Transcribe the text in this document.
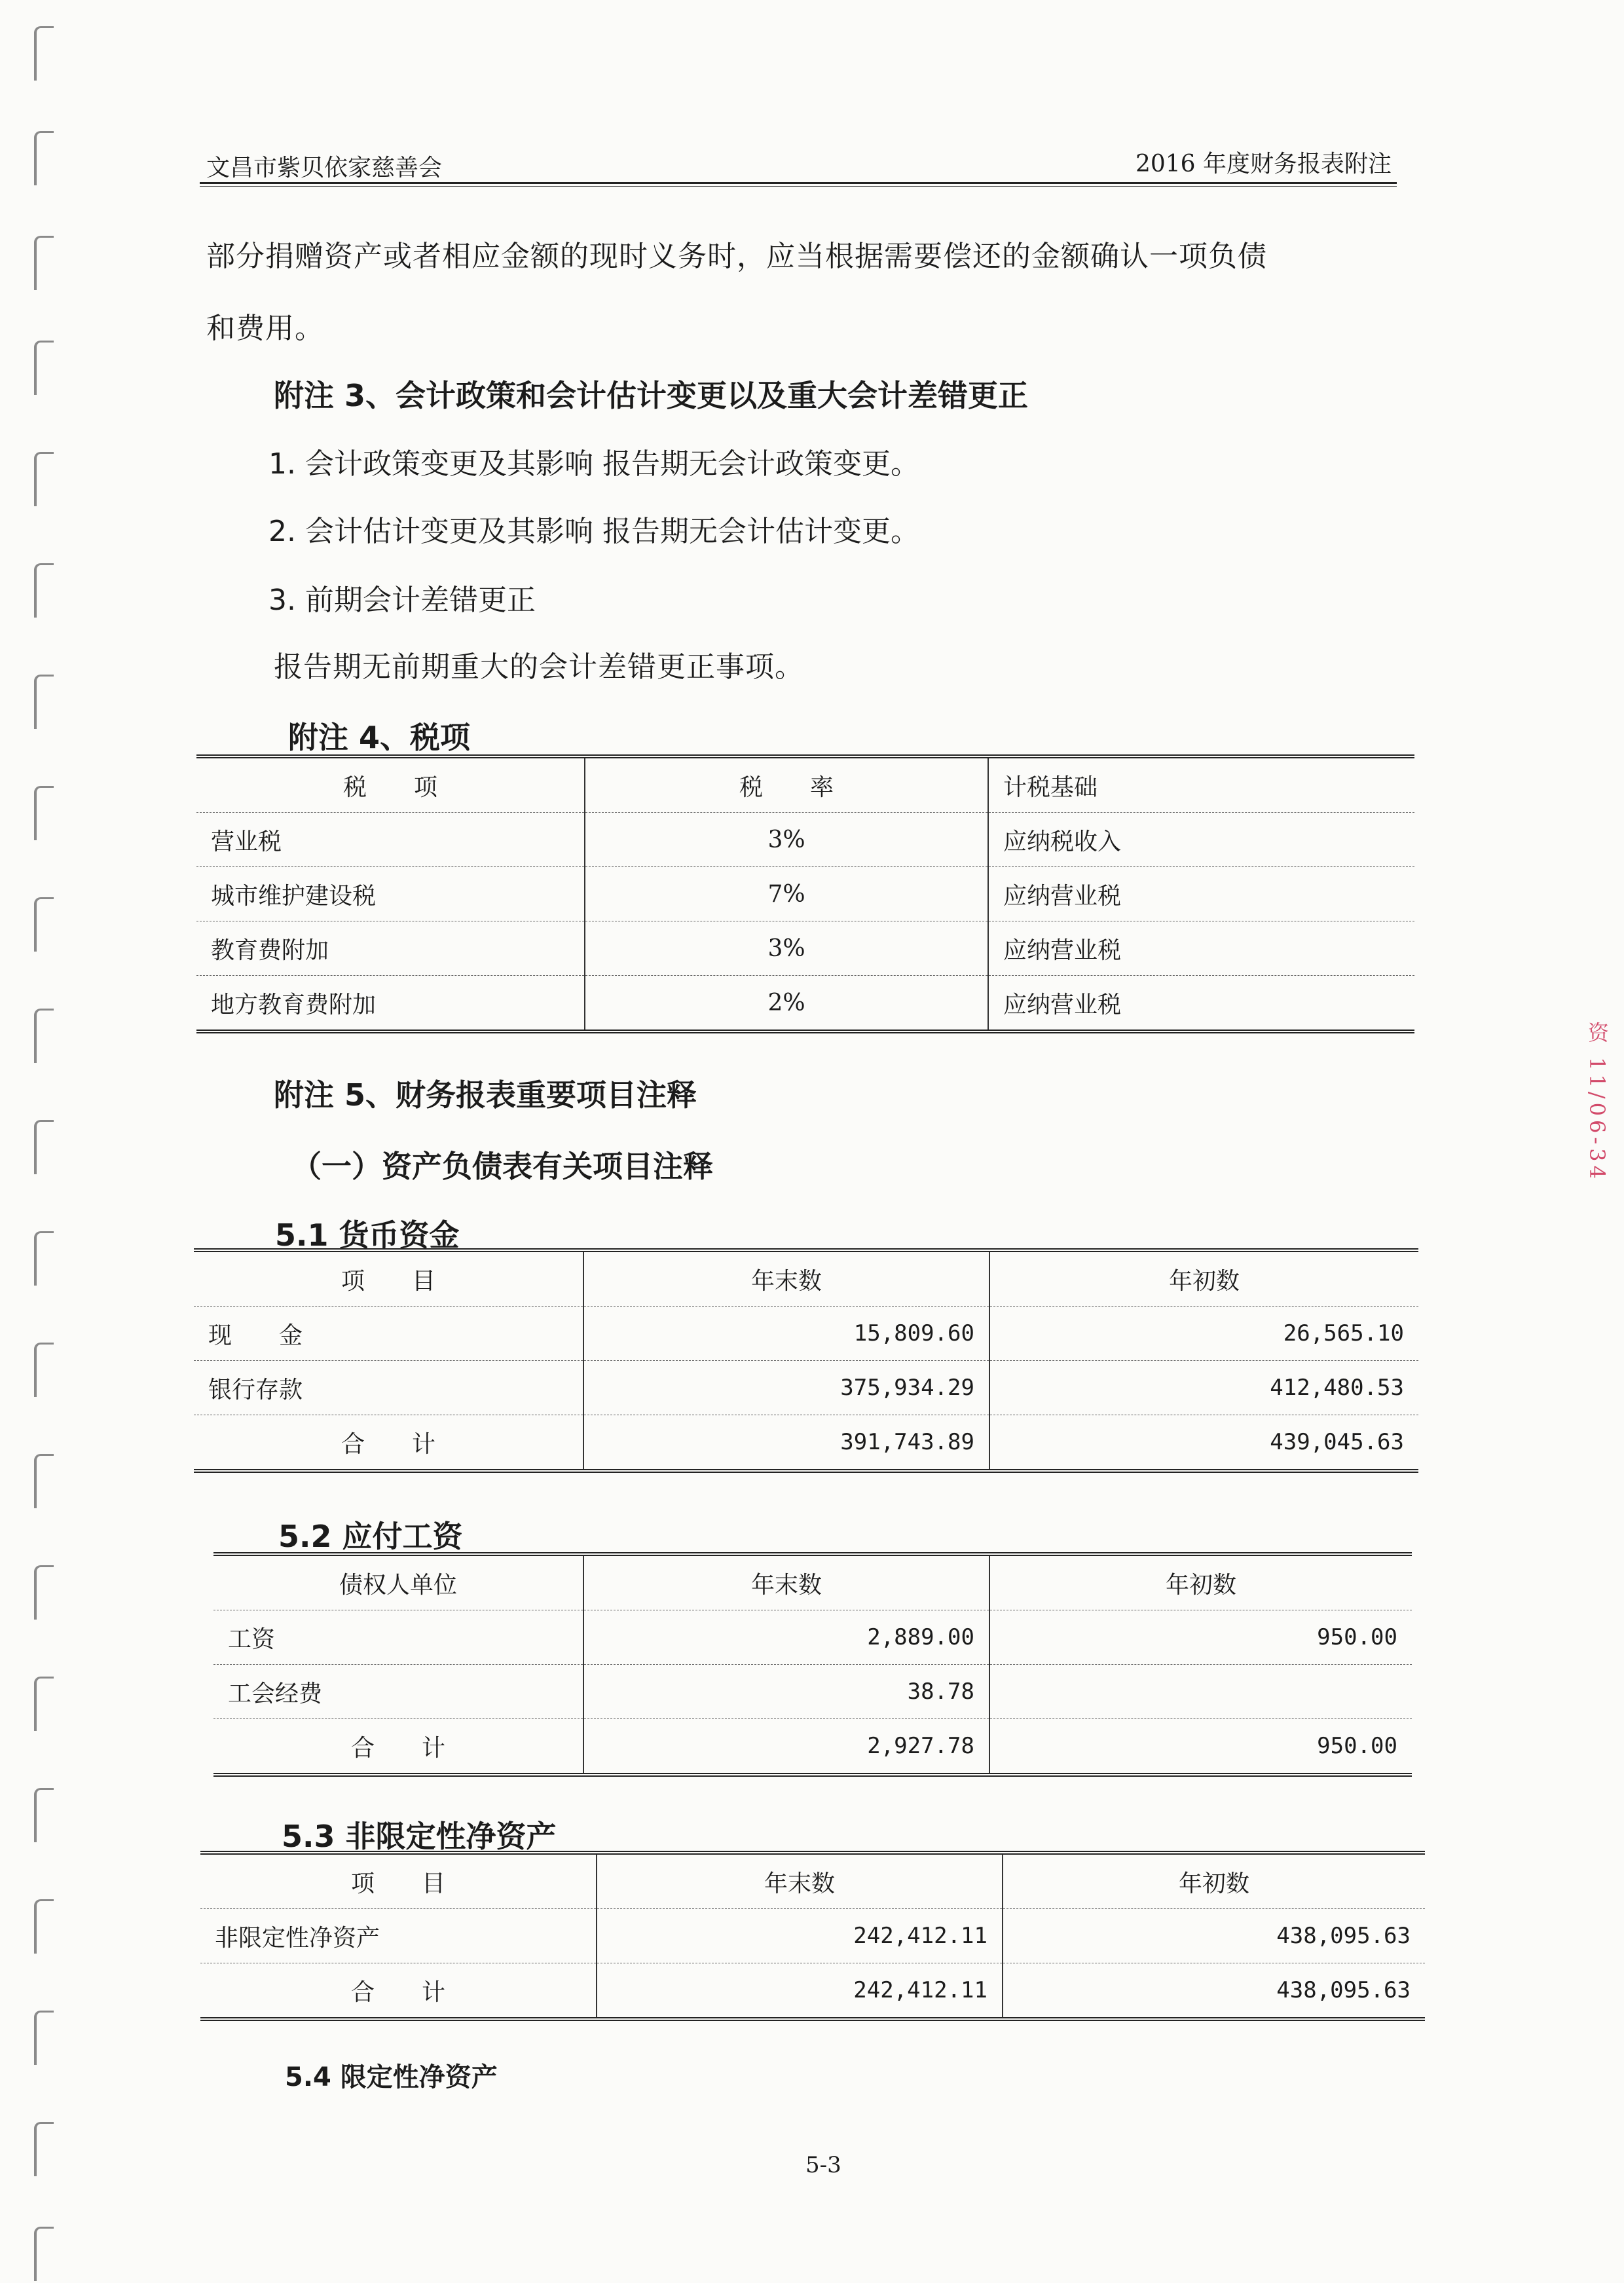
文昌市紫贝依家慈善会	2016 年度财务报表附注
部分捐赠资产或者相应金额的现时义务时，应当根据需要偿还的金额确认一项负债
和费用。
附注 3、会计政策和会计估计变更以及重大会计差错更正
1. 会计政策变更及其影响 报告期无会计政策变更。
2. 会计估计变更及其影响 报告期无会计估计变更。
3. 前期会计差错更正
报告期无前期重大的会计差错更正事项。
附注 4、税项
税　　项	税　　率	计税基础
营业税	3%	应纳税收入
城市维护建设税	7%	应纳营业税
教育费附加	3%	应纳营业税
地方教育费附加	2%	应纳营业税
附注 5、财务报表重要项目注释
（一）资产负债表有关项目注释
5.1 货币资金
项　　目	年末数	年初数
现　　金	15,809.60	26,565.10
银行存款	375,934.29	412,480.53
合　　计	391,743.89	439,045.63
5.2 应付工资
债权人单位	年末数	年初数
工资	2,889.00	950.00
工会经费	38.78	
合　　计	2,927.78	950.00
5.3 非限定性净资产
项　　目	年末数	年初数
非限定性净资产	242,412.11	438,095.63
合　　计	242,412.11	438,095.63
5.4 限定性净资产
5-3
资 11/06-34
